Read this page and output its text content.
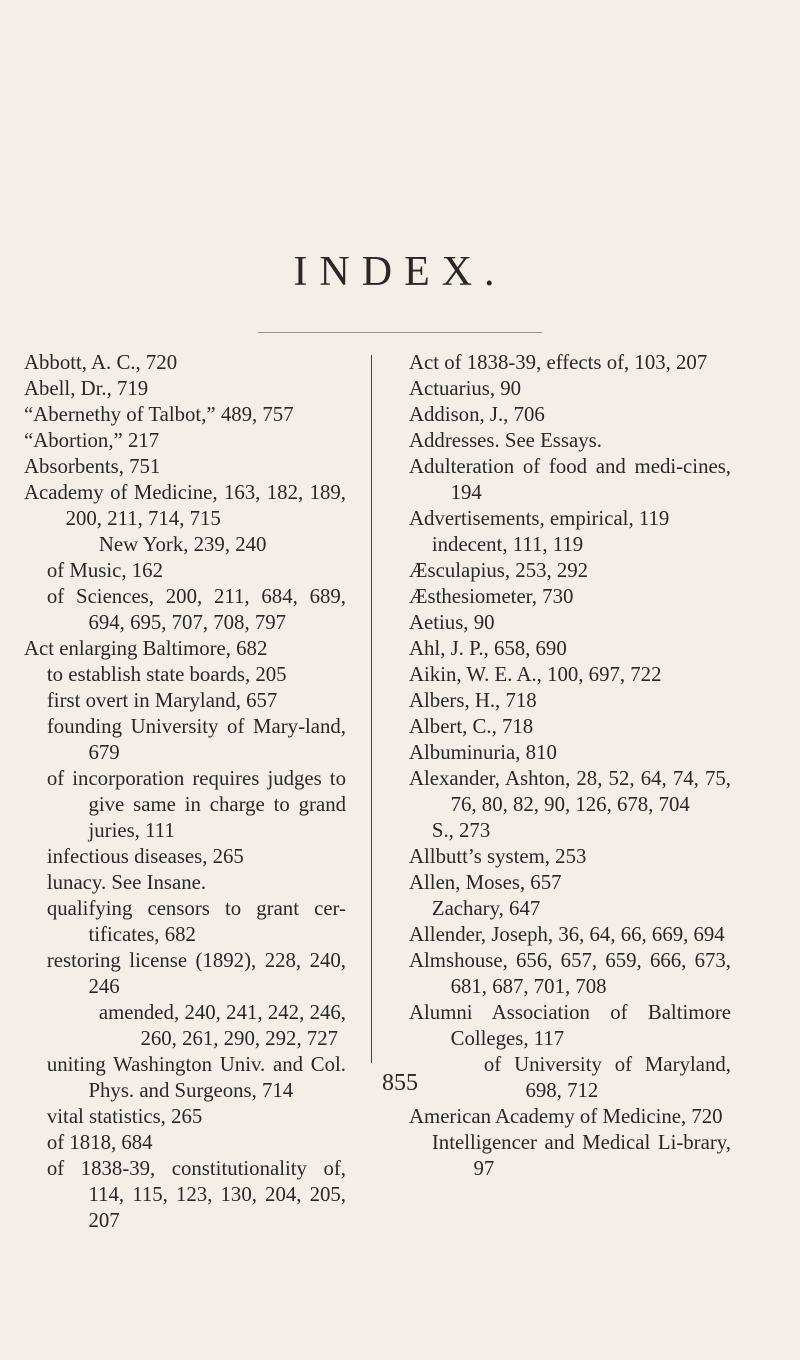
INDEX.
Abbott, A. C., 720
Abell, Dr., 719
“Abernethy of Talbot,” 489, 757
“Abortion,” 217
Absorbents, 751
Academy of Medicine, 163, 182, 189, 200, 211, 714, 715
New York, 239, 240
of Music, 162
of Sciences, 200, 211, 684, 689, 694, 695, 707, 708, 797
Act enlarging Baltimore, 682
to establish state boards, 205
first overt in Maryland, 657
founding University of Mary-land, 679
of incorporation requires judges to give same in charge to grand juries, 111
infectious diseases, 265
lunacy. See Insane.
qualifying censors to grant cer-tificates, 682
restoring license (1892), 228, 240, 246
amended, 240, 241, 242, 246, 260, 261, 290, 292, 727
uniting Washington Univ. and Col. Phys. and Surgeons, 714
vital statistics, 265
of 1818, 684
of 1838-39, constitutionality of, 114, 115, 123, 130, 204, 205, 207
Act of 1838-39, effects of, 103, 207
Actuarius, 90
Addison, J., 706
Addresses. See Essays.
Adulteration of food and medi-cines, 194
Advertisements, empirical, 119
indecent, 111, 119
Æsculapius, 253, 292
Æsthesiometer, 730
Aetius, 90
Ahl, J. P., 658, 690
Aikin, W. E. A., 100, 697, 722
Albers, H., 718
Albert, C., 718
Albuminuria, 810
Alexander, Ashton, 28, 52, 64, 74, 75, 76, 80, 82, 90, 126, 678, 704
S., 273
Allbutt’s system, 253
Allen, Moses, 657
Zachary, 647
Allender, Joseph, 36, 64, 66, 669, 694
Almshouse, 656, 657, 659, 666, 673, 681, 687, 701, 708
Alumni Association of Baltimore Colleges, 117
of University of Maryland, 698, 712
American Academy of Medicine, 720
Intelligencer and Medical Li-brary, 97
855
